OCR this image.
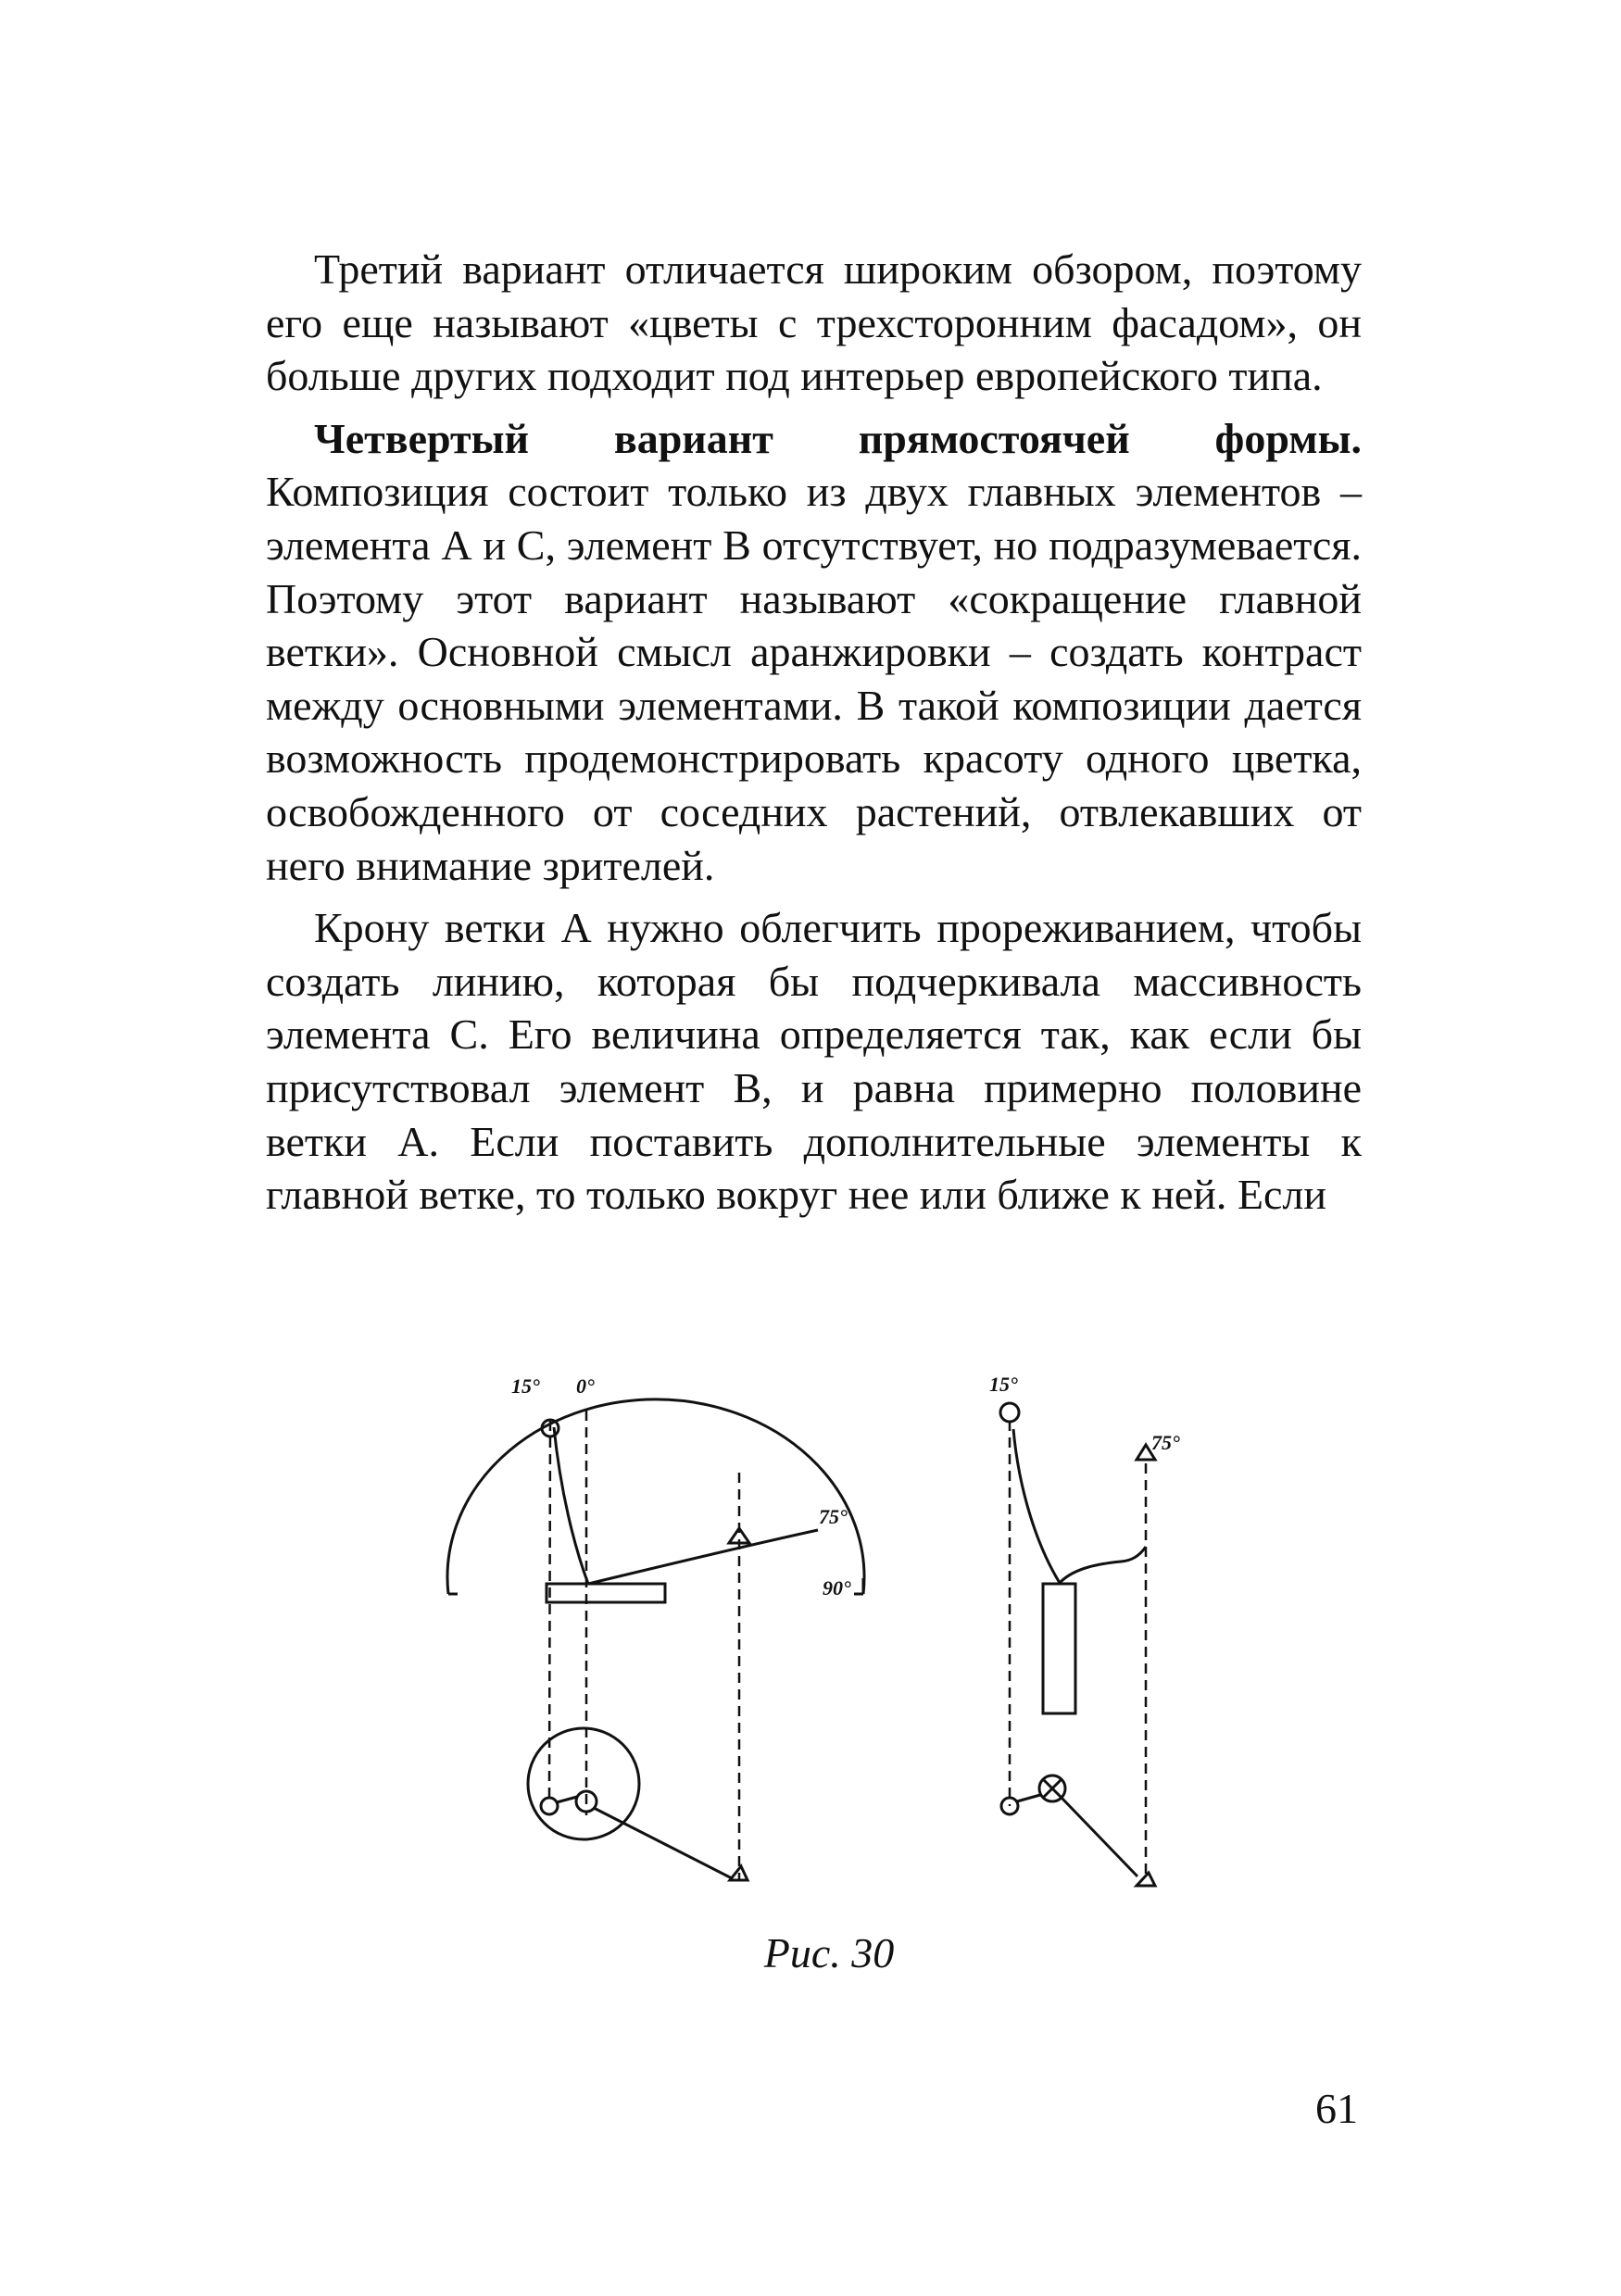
Третий вариант отличается широким обзором, поэтому его еще называют «цветы с трехсторонним фасадом», он больше других подходит под интерьер европейского типа.

Четвертый вариант прямостоячей формы. Композиция состоит только из двух главных элементов – элемента А и С, элемент В отсутствует, но подразумевается. Поэтому этот вариант называют «сокращение главной ветки». Основной смысл аранжировки – создать контраст между основными элементами. В такой композиции дается возможность продемонстрировать красоту одного цветка, освобожденного от соседних растений, отвлекавших от него внимание зрителей.

Крону ветки А нужно облегчить прореживанием, чтобы создать линию, которая бы подчеркивала массивность элемента С. Его величина определяется так, как если бы присутствовал элемент В, и равна примерно половине ветки А. Если поставить дополнительные элементы к главной ветке, то только вокруг нее или ближе к ней. Если

15° 0°
75°
90°
15°
75°
Рис. 30
61
